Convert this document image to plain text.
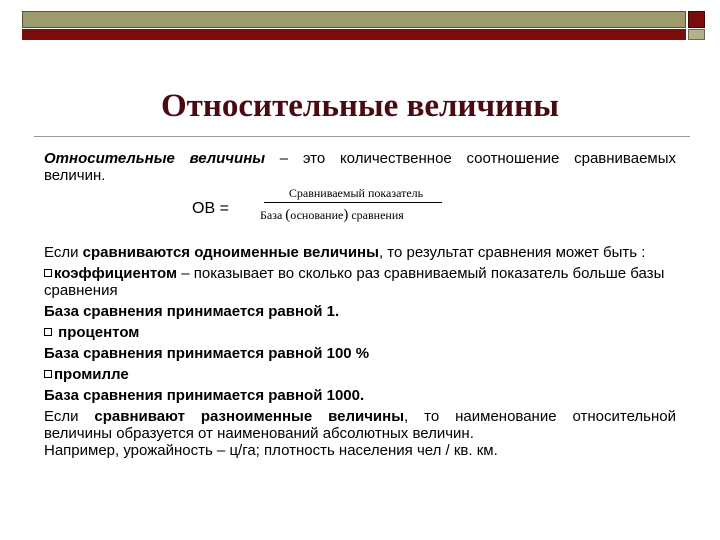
Относительные величины

Относительные величины – это количественное соотношение сравниваемых величин.

ОВ =
Сравниваемый показатель
База (основание) сравнения

Если сравниваются одноименные величины, то результат сравнения может быть :

коэффициентом – показывает во сколько раз сравниваемый показатель больше базы сравнения

База сравнения принимается равной 1.

процентом

База сравнения принимается равной 100 %

промилле

База сравнения принимается равной 1000.

Если сравнивают разноименные величины, то наименование относительной величины образуется от наименований абсолютных величин.

Например, урожайность – ц/га; плотность населения чел / кв. км.
